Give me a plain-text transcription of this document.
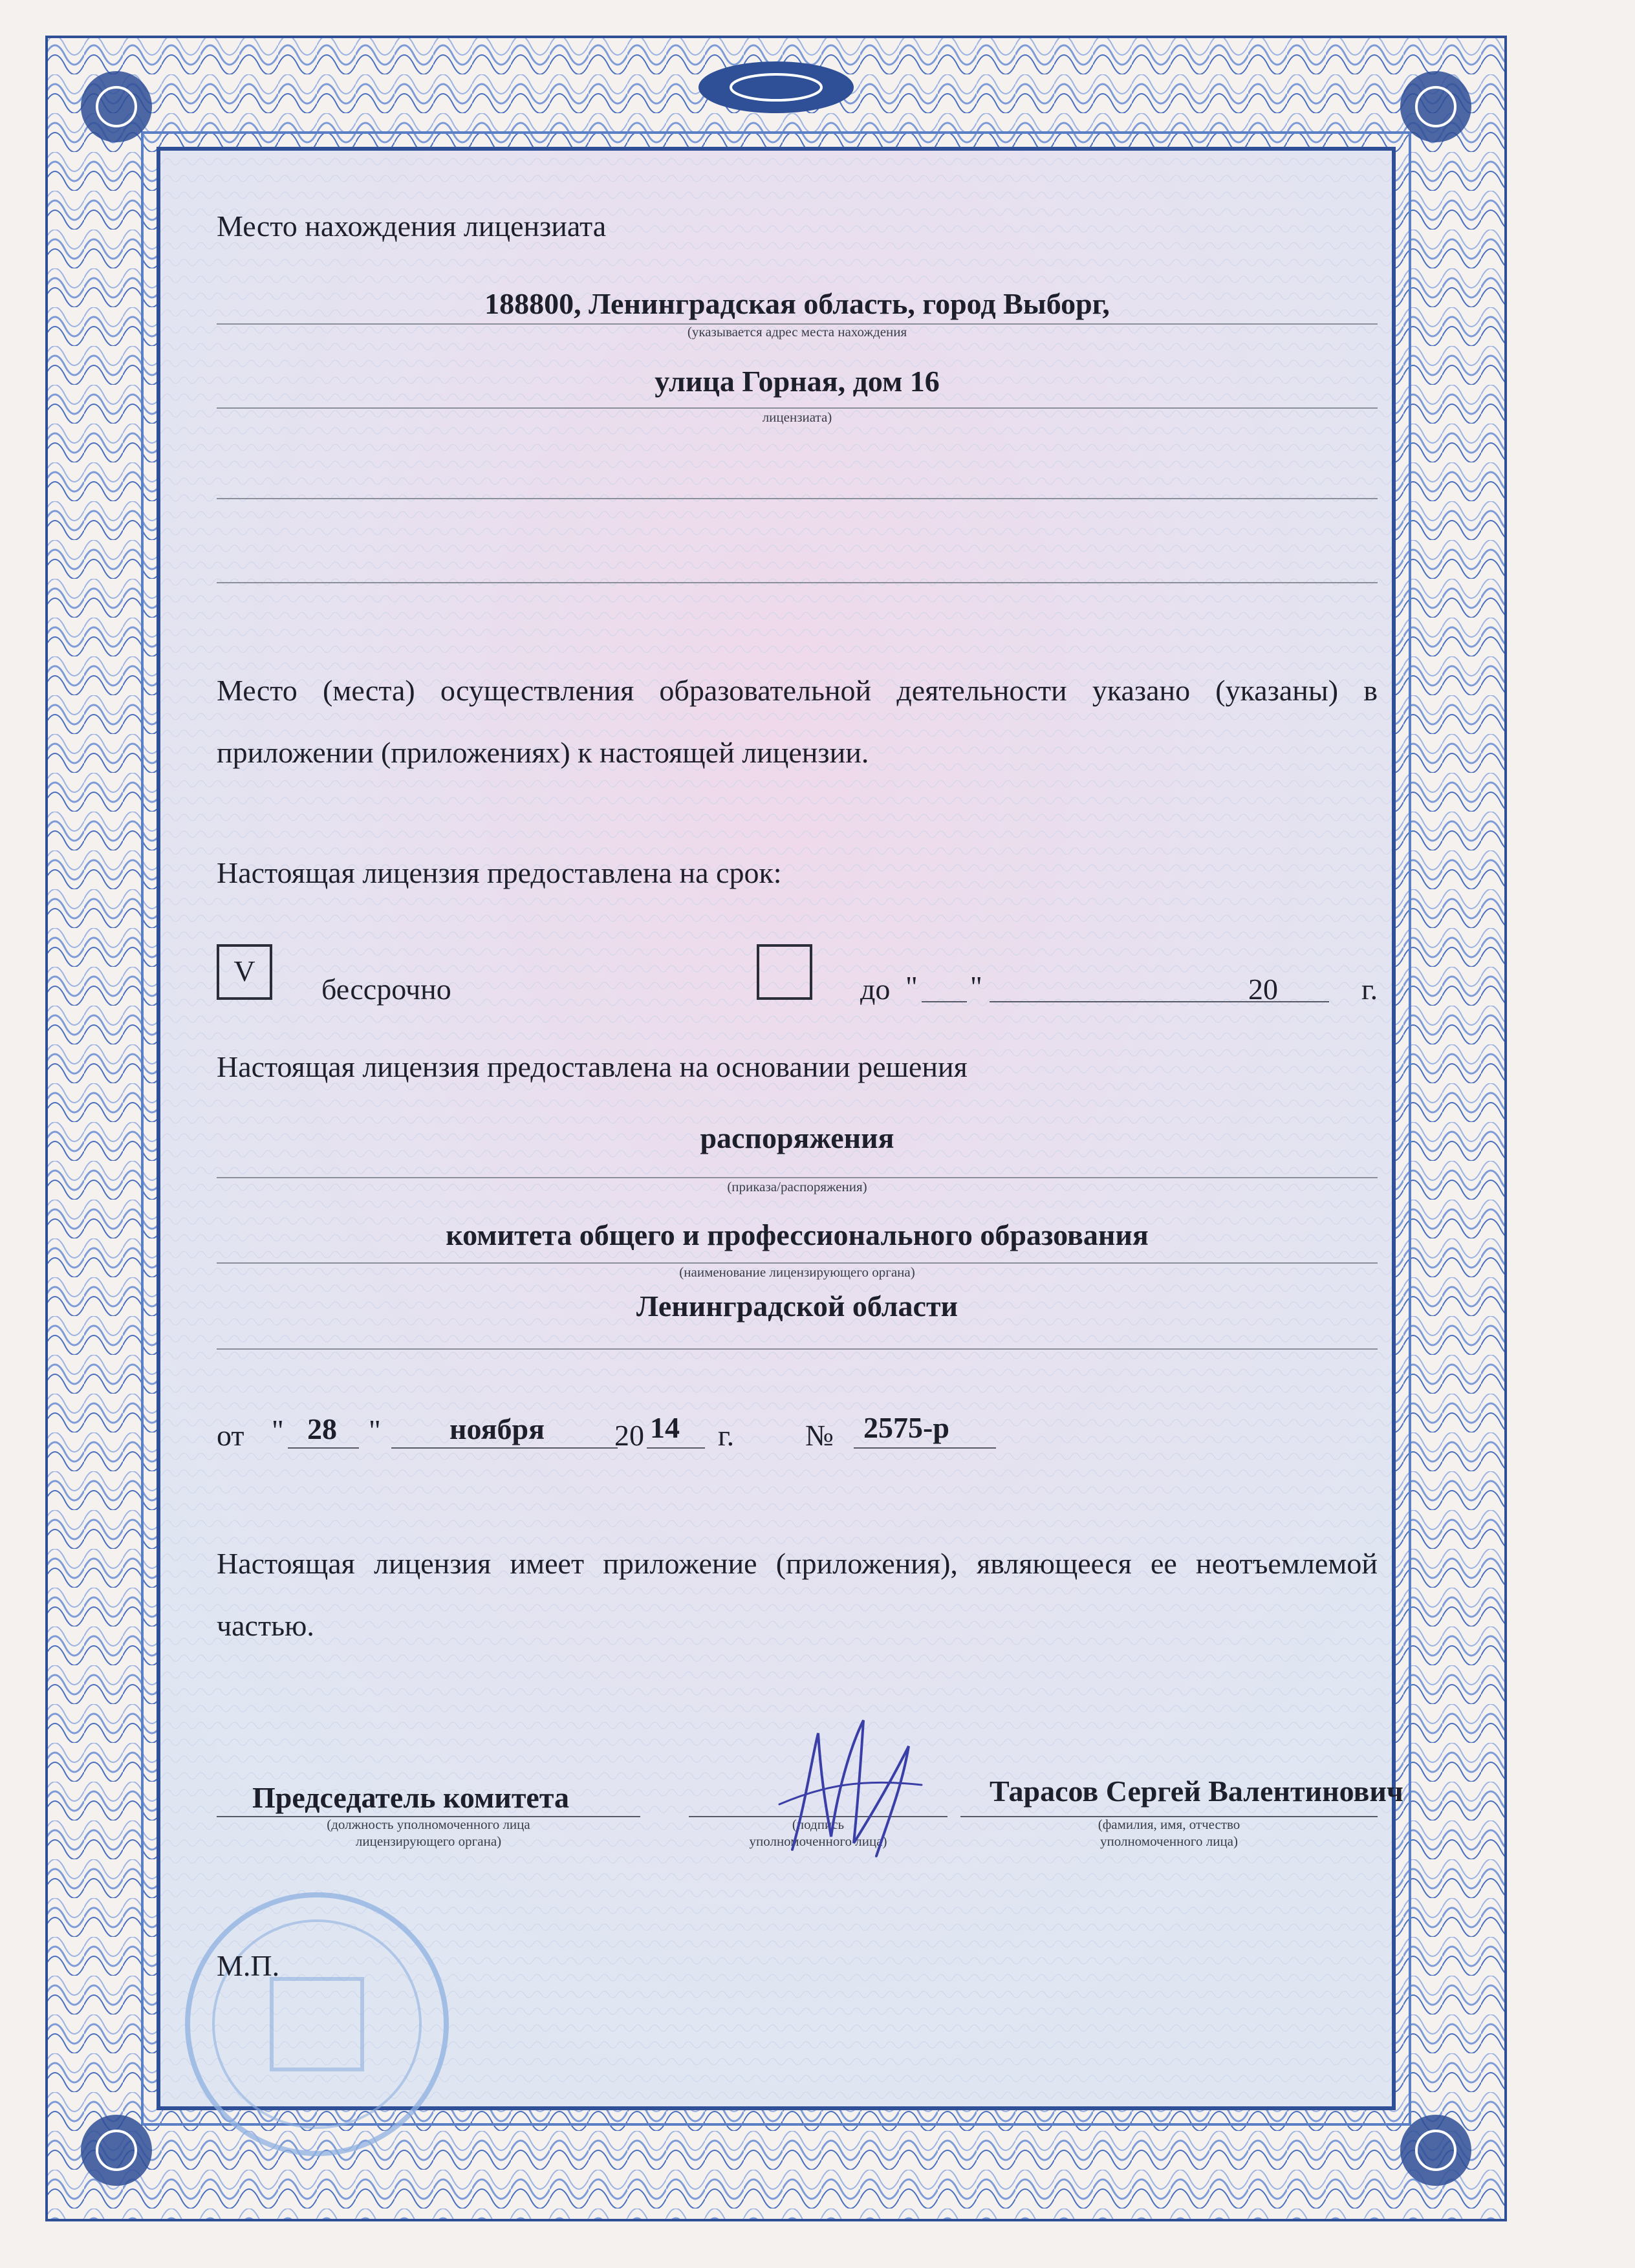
Место нахождения лицензиата
188800, Ленинградская область, город Выборг,
(указывается адрес места нахождения
улица Горная, дом 16
лицензиата)
Место (места) осуществления образовательной деятельности указано (указаны) в приложении (приложениях) к настоящей лицензии.
Настоящая лицензия предоставлена на срок:
V
бессрочно	до " "	20	г.
Настоящая лицензия предоставлена на основании решения
распоряжения
(приказа/распоряжения)
комитета общего и профессионального образования
(наименование лицензирующего органа)
Ленинградской области
от " 28 " ноября 20 14 г. № 2575-р
Настоящая лицензия имеет приложение (приложения), являющееся ее неотъемлемой частью.
Председатель комитета
(должность уполномоченного лица
лицензирующего органа)
(подпись
уполномоченного лица)
Тарасов Сергей Валентинович
(фамилия, имя, отчество
уполномоченного лица)
М.П.
